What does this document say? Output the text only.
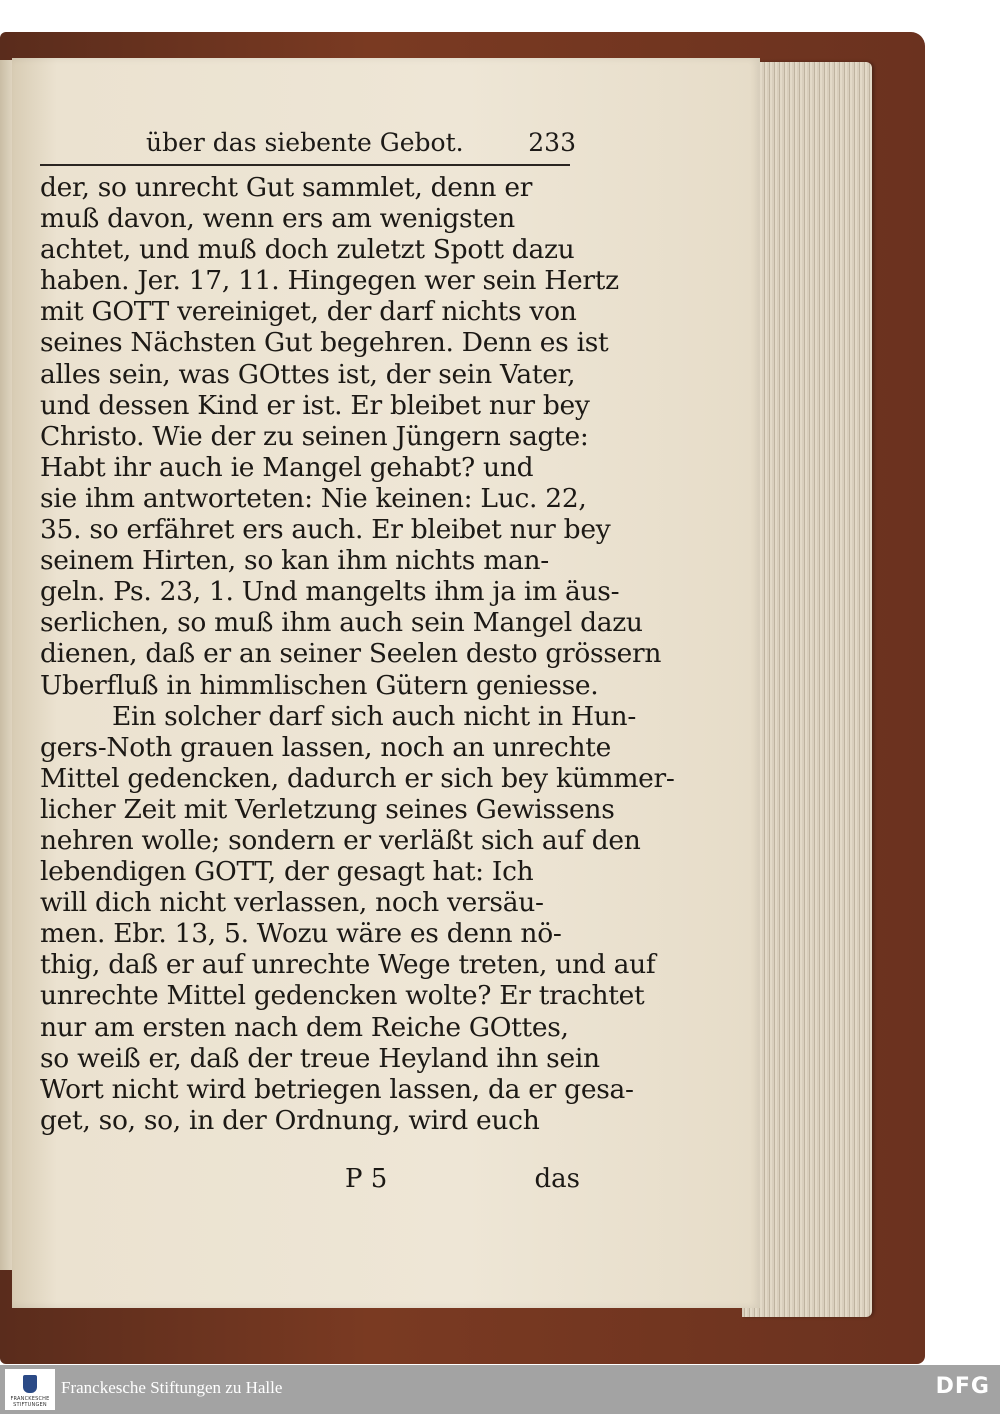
über das siebente Gebot.	233
der, so unrecht Gut sammlet, denn er
muß davon, wenn ers am wenigsten
achtet, und muß doch zuletzt Spott dazu
haben. Jer. 17, 11. Hingegen wer sein Hertz
mit GOTT vereiniget, der darf nichts von
seines Nächsten Gut begehren. Denn es ist
alles sein, was GOttes ist, der sein Vater,
und dessen Kind er ist. Er bleibet nur bey
Christo. Wie der zu seinen Jüngern sagte:
Habt ihr auch ie Mangel gehabt? und
sie ihm antworteten: Nie keinen: Luc. 22,
35. so erfähret ers auch. Er bleibet nur bey
seinem Hirten, so kan ihm nichts man-
geln. Ps. 23, 1. Und mangelts ihm ja im äus-
serlichen, so muß ihm auch sein Mangel dazu
dienen, daß er an seiner Seelen desto grössern
Uberfluß in himmlischen Gütern geniesse.
Ein solcher darf sich auch nicht in Hun-
gers-Noth grauen lassen, noch an unrechte
Mittel gedencken, dadurch er sich bey kümmer-
licher Zeit mit Verletzung seines Gewissens
nehren wolle; sondern er verläßt sich auf den
lebendigen GOTT, der gesagt hat: Ich
will dich nicht verlassen, noch versäu-
men. Ebr. 13, 5. Wozu wäre es denn nö-
thig, daß er auf unrechte Wege treten, und auf
unrechte Mittel gedencken wolte? Er trachtet
nur am ersten nach dem Reiche GOttes,
so weiß er, daß der treue Heyland ihn sein
Wort nicht wird betriegen lassen, da er gesa-
get, so, so, in der Ordnung, wird euch
P 5	das
FRANCKESCHE
STIFTUNGEN
Franckesche Stiftungen zu Halle	DFG
